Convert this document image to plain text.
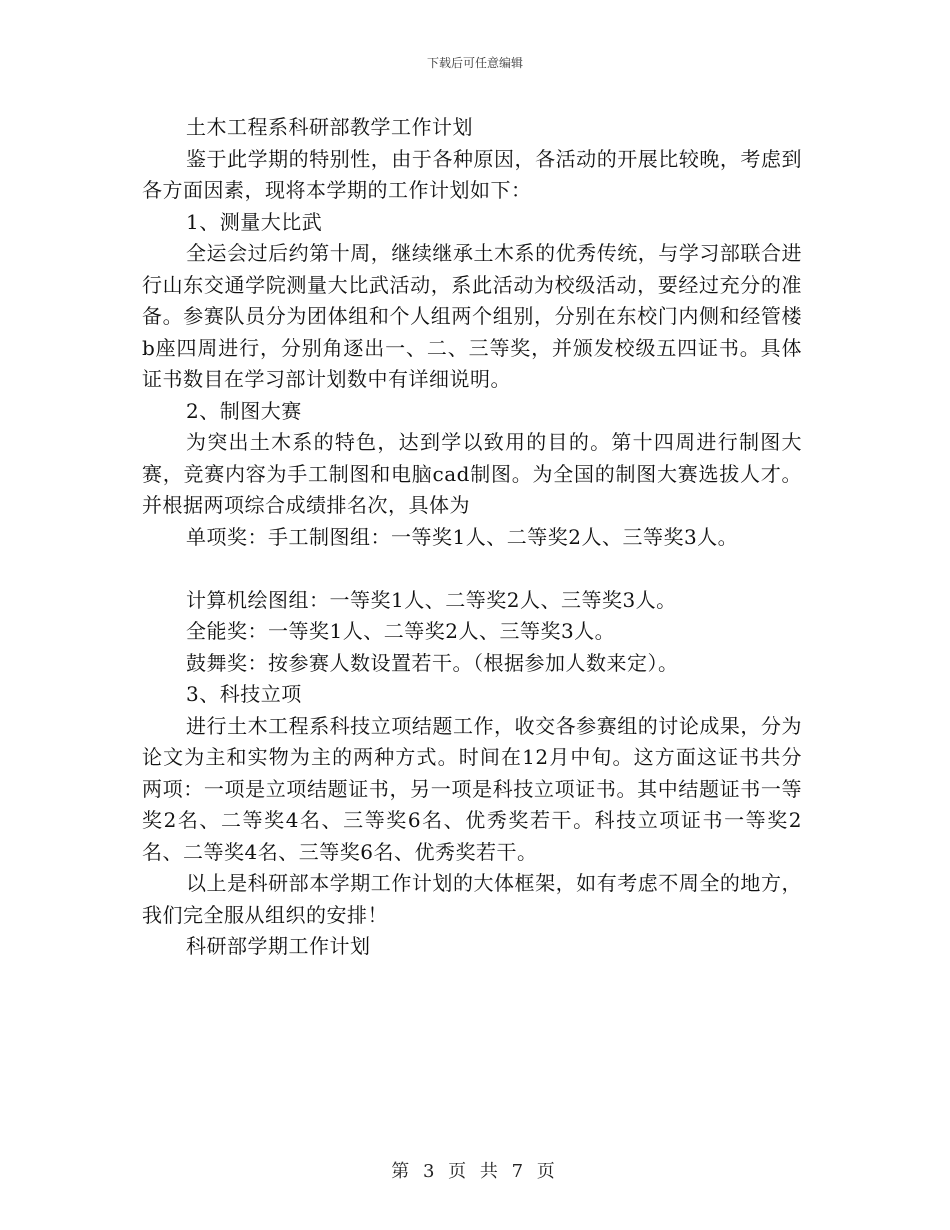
下载后可任意编辑

土木工程系科研部教学工作计划

鉴于此学期的特别性，由于各种原因，各活动的开展比较晚，考虑到各方面因素，现将本学期的工作计划如下：

1、测量大比武

全运会过后约第十周，继续继承土木系的优秀传统，与学习部联合进行山东交通学院测量大比武活动，系此活动为校级活动，要经过充分的准备。参赛队员分为团体组和个人组两个组别，分别在东校门内侧和经管楼b座四周进行，分别角逐出一、二、三等奖，并颁发校级五四证书。具体证书数目在学习部计划数中有详细说明。

2、制图大赛

为突出土木系的特色，达到学以致用的目的。第十四周进行制图大赛，竞赛内容为手工制图和电脑cad制图。为全国的制图大赛选拔人才。并根据两项综合成绩排名次，具体为

单项奖：手工制图组：一等奖1人、二等奖2人、三等奖3人。

计算机绘图组：一等奖1人、二等奖2人、三等奖3人。

全能奖：一等奖1人、二等奖2人、三等奖3人。

鼓舞奖：按参赛人数设置若干。（根据参加人数来定）。

3、科技立项

进行土木工程系科技立项结题工作，收交各参赛组的讨论成果，分为论文为主和实物为主的两种方式。时间在12月中旬。这方面这证书共分两项：一项是立项结题证书，另一项是科技立项证书。其中结题证书一等奖2名、二等奖4名、三等奖6名、优秀奖若干。科技立项证书一等奖2名、二等奖4名、三等奖6名、优秀奖若干。

以上是科研部本学期工作计划的大体框架，如有考虑不周全的地方，我们完全服从组织的安排！

科研部学期工作计划

第 3 页 共 7 页
